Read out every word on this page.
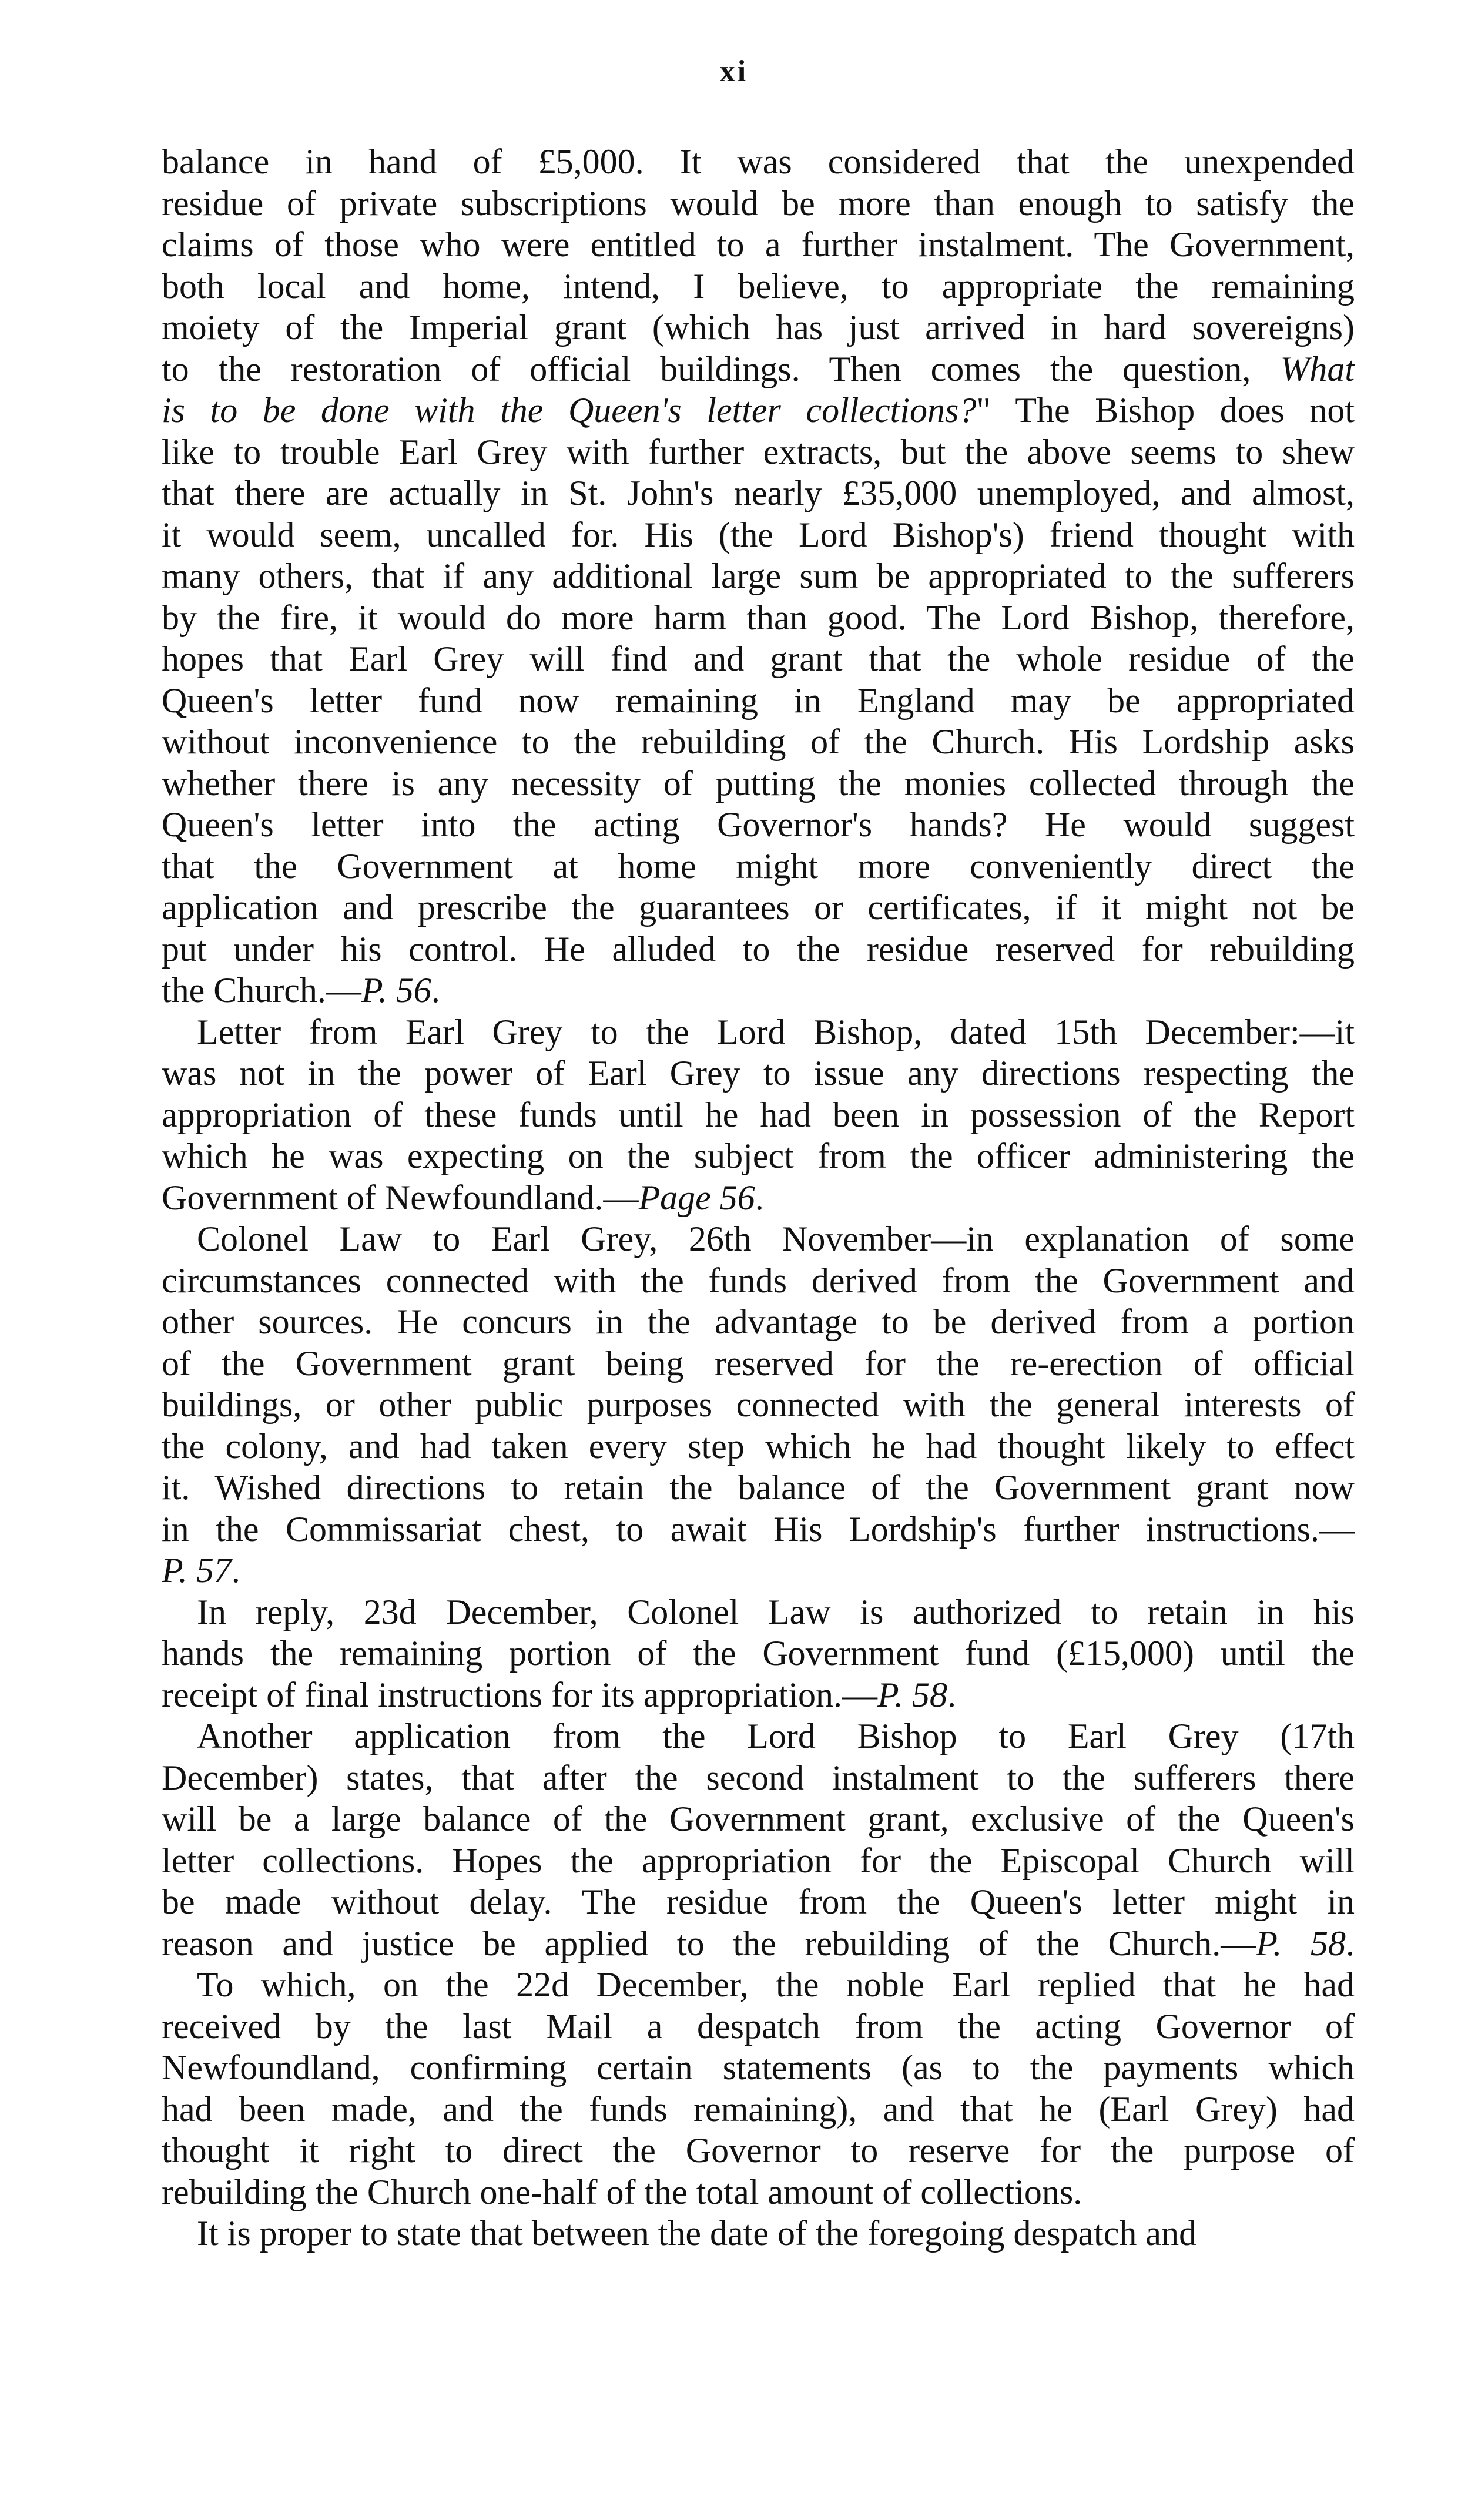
xi
balance in hand of £5,000. It was considered that the unexpended
residue of private subscriptions would be more than enough to satisfy the
claims of those who were entitled to a further instalment. The Government,
both local and home, intend, I believe, to appropriate the remaining
moiety of the Imperial grant (which has just arrived in hard sovereigns)
to the restoration of official buildings. Then comes the question, What
is to be done with the Queen's letter collections?" The Bishop does not
like to trouble Earl Grey with further extracts, but the above seems to shew
that there are actually in St. John's nearly £35,000 unemployed, and almost,
it would seem, uncalled for. His (the Lord Bishop's) friend thought with
many others, that if any additional large sum be appropriated to the sufferers
by the fire, it would do more harm than good. The Lord Bishop, therefore,
hopes that Earl Grey will find and grant that the whole residue of the
Queen's letter fund now remaining in England may be appropriated
without inconvenience to the rebuilding of the Church. His Lordship asks
whether there is any necessity of putting the monies collected through the
Queen's letter into the acting Governor's hands? He would suggest
that the Government at home might more conveniently direct the
application and prescribe the guarantees or certificates, if it might not be
put under his control. He alluded to the residue reserved for rebuilding
the Church.—P. 56.
Letter from Earl Grey to the Lord Bishop, dated 15th December:—it
was not in the power of Earl Grey to issue any directions respecting the
appropriation of these funds until he had been in possession of the Report
which he was expecting on the subject from the officer administering the
Government of Newfoundland.—Page 56.
Colonel Law to Earl Grey, 26th November—in explanation of some
circumstances connected with the funds derived from the Government and
other sources. He concurs in the advantage to be derived from a portion
of the Government grant being reserved for the re-erection of official
buildings, or other public purposes connected with the general interests of
the colony, and had taken every step which he had thought likely to effect
it. Wished directions to retain the balance of the Government grant now
in the Commissariat chest, to await His Lordship's further instructions.—
P. 57.
In reply, 23d December, Colonel Law is authorized to retain in his
hands the remaining portion of the Government fund (£15,000) until the
receipt of final instructions for its appropriation.—P. 58.
Another application from the Lord Bishop to Earl Grey (17th
December) states, that after the second instalment to the sufferers there
will be a large balance of the Government grant, exclusive of the Queen's
letter collections. Hopes the appropriation for the Episcopal Church will
be made without delay. The residue from the Queen's letter might in
reason and justice be applied to the rebuilding of the Church.—P. 58.
To which, on the 22d December, the noble Earl replied that he had
received by the last Mail a despatch from the acting Governor of
Newfoundland, confirming certain statements (as to the payments which
had been made, and the funds remaining), and that he (Earl Grey) had
thought it right to direct the Governor to reserve for the purpose of
rebuilding the Church one-half of the total amount of collections.
It is proper to state that between the date of the foregoing despatch and
